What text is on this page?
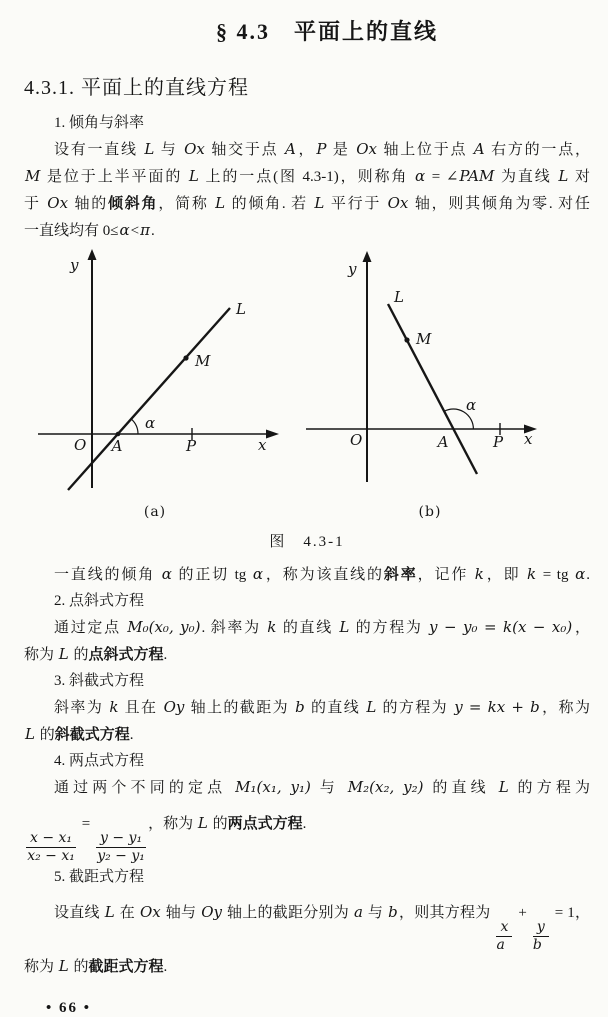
§ 4.3　平面上的直线
4.3.1. 平面上的直线方程
1. 倾角与斜率
设有一直线 L 与 Ox 轴交于点 A，P 是 Ox 轴上位于点 A 右方的一点，
M 是位于上半平面的 L 上的一点(图 4.3-1)，则称角 α = ∠PAM 为直线 L 对
于 Ox 轴的倾斜角，简称 L 的倾角. 若 L 平行于 Ox 轴，则其倾角为零. 对任
一直线均有 0≤α<π.
y
x
O A	P
L
M
α
(a)
y
x
O	A	P
L
M
α
(b)
图　4.3-1
一直线的倾角 α 的正切 tg α，称为该直线的斜率，记作 k，即 k = tg α.
2. 点斜式方程
通过定点 M₀(x₀, y₀). 斜率为 k 的直线 L 的方程为 y − y₀ = k(x − x₀)，
称为 L 的点斜式方程.
3. 斜截式方程
斜率为 k 且在 Oy 轴上的截距为 b 的直线 L 的方程为 y = kx + b，称为
L 的斜截式方程.
4. 两点式方程
通过两个不同的定点 M₁(x₁, y₁) 与 M₂(x₂, y₂) 的直线 L 的方程为
$\frac{\text{x − x₁}}{\text{x₂ − x₁}}$
=
$\frac{\text{y − y₁}}{\text{y₂ − y₁}}$
，称为 L 的两点式方程.
5. 截距式方程
设直线 L 在 Ox 轴与 Oy 轴上的截距分别为 a 与 b，则其方程为
$\frac{x}{a}$
+
$\frac{y}{b}$
= 1，
称为 L 的截距式方程.
• 66 •
